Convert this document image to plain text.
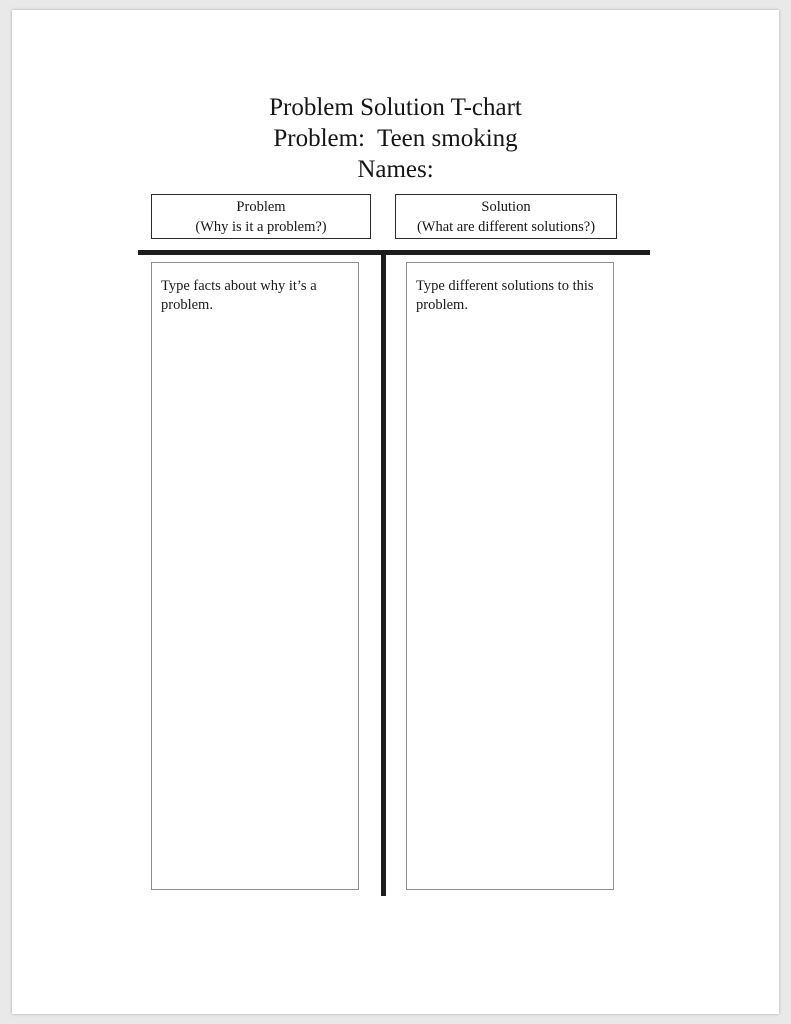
Problem Solution T-chart
Problem:  Teen smoking
Names:
Problem
(Why is it a problem?)
Solution
(What are different solutions?)
Type facts about why it’s a problem.
Type different solutions to this problem.
